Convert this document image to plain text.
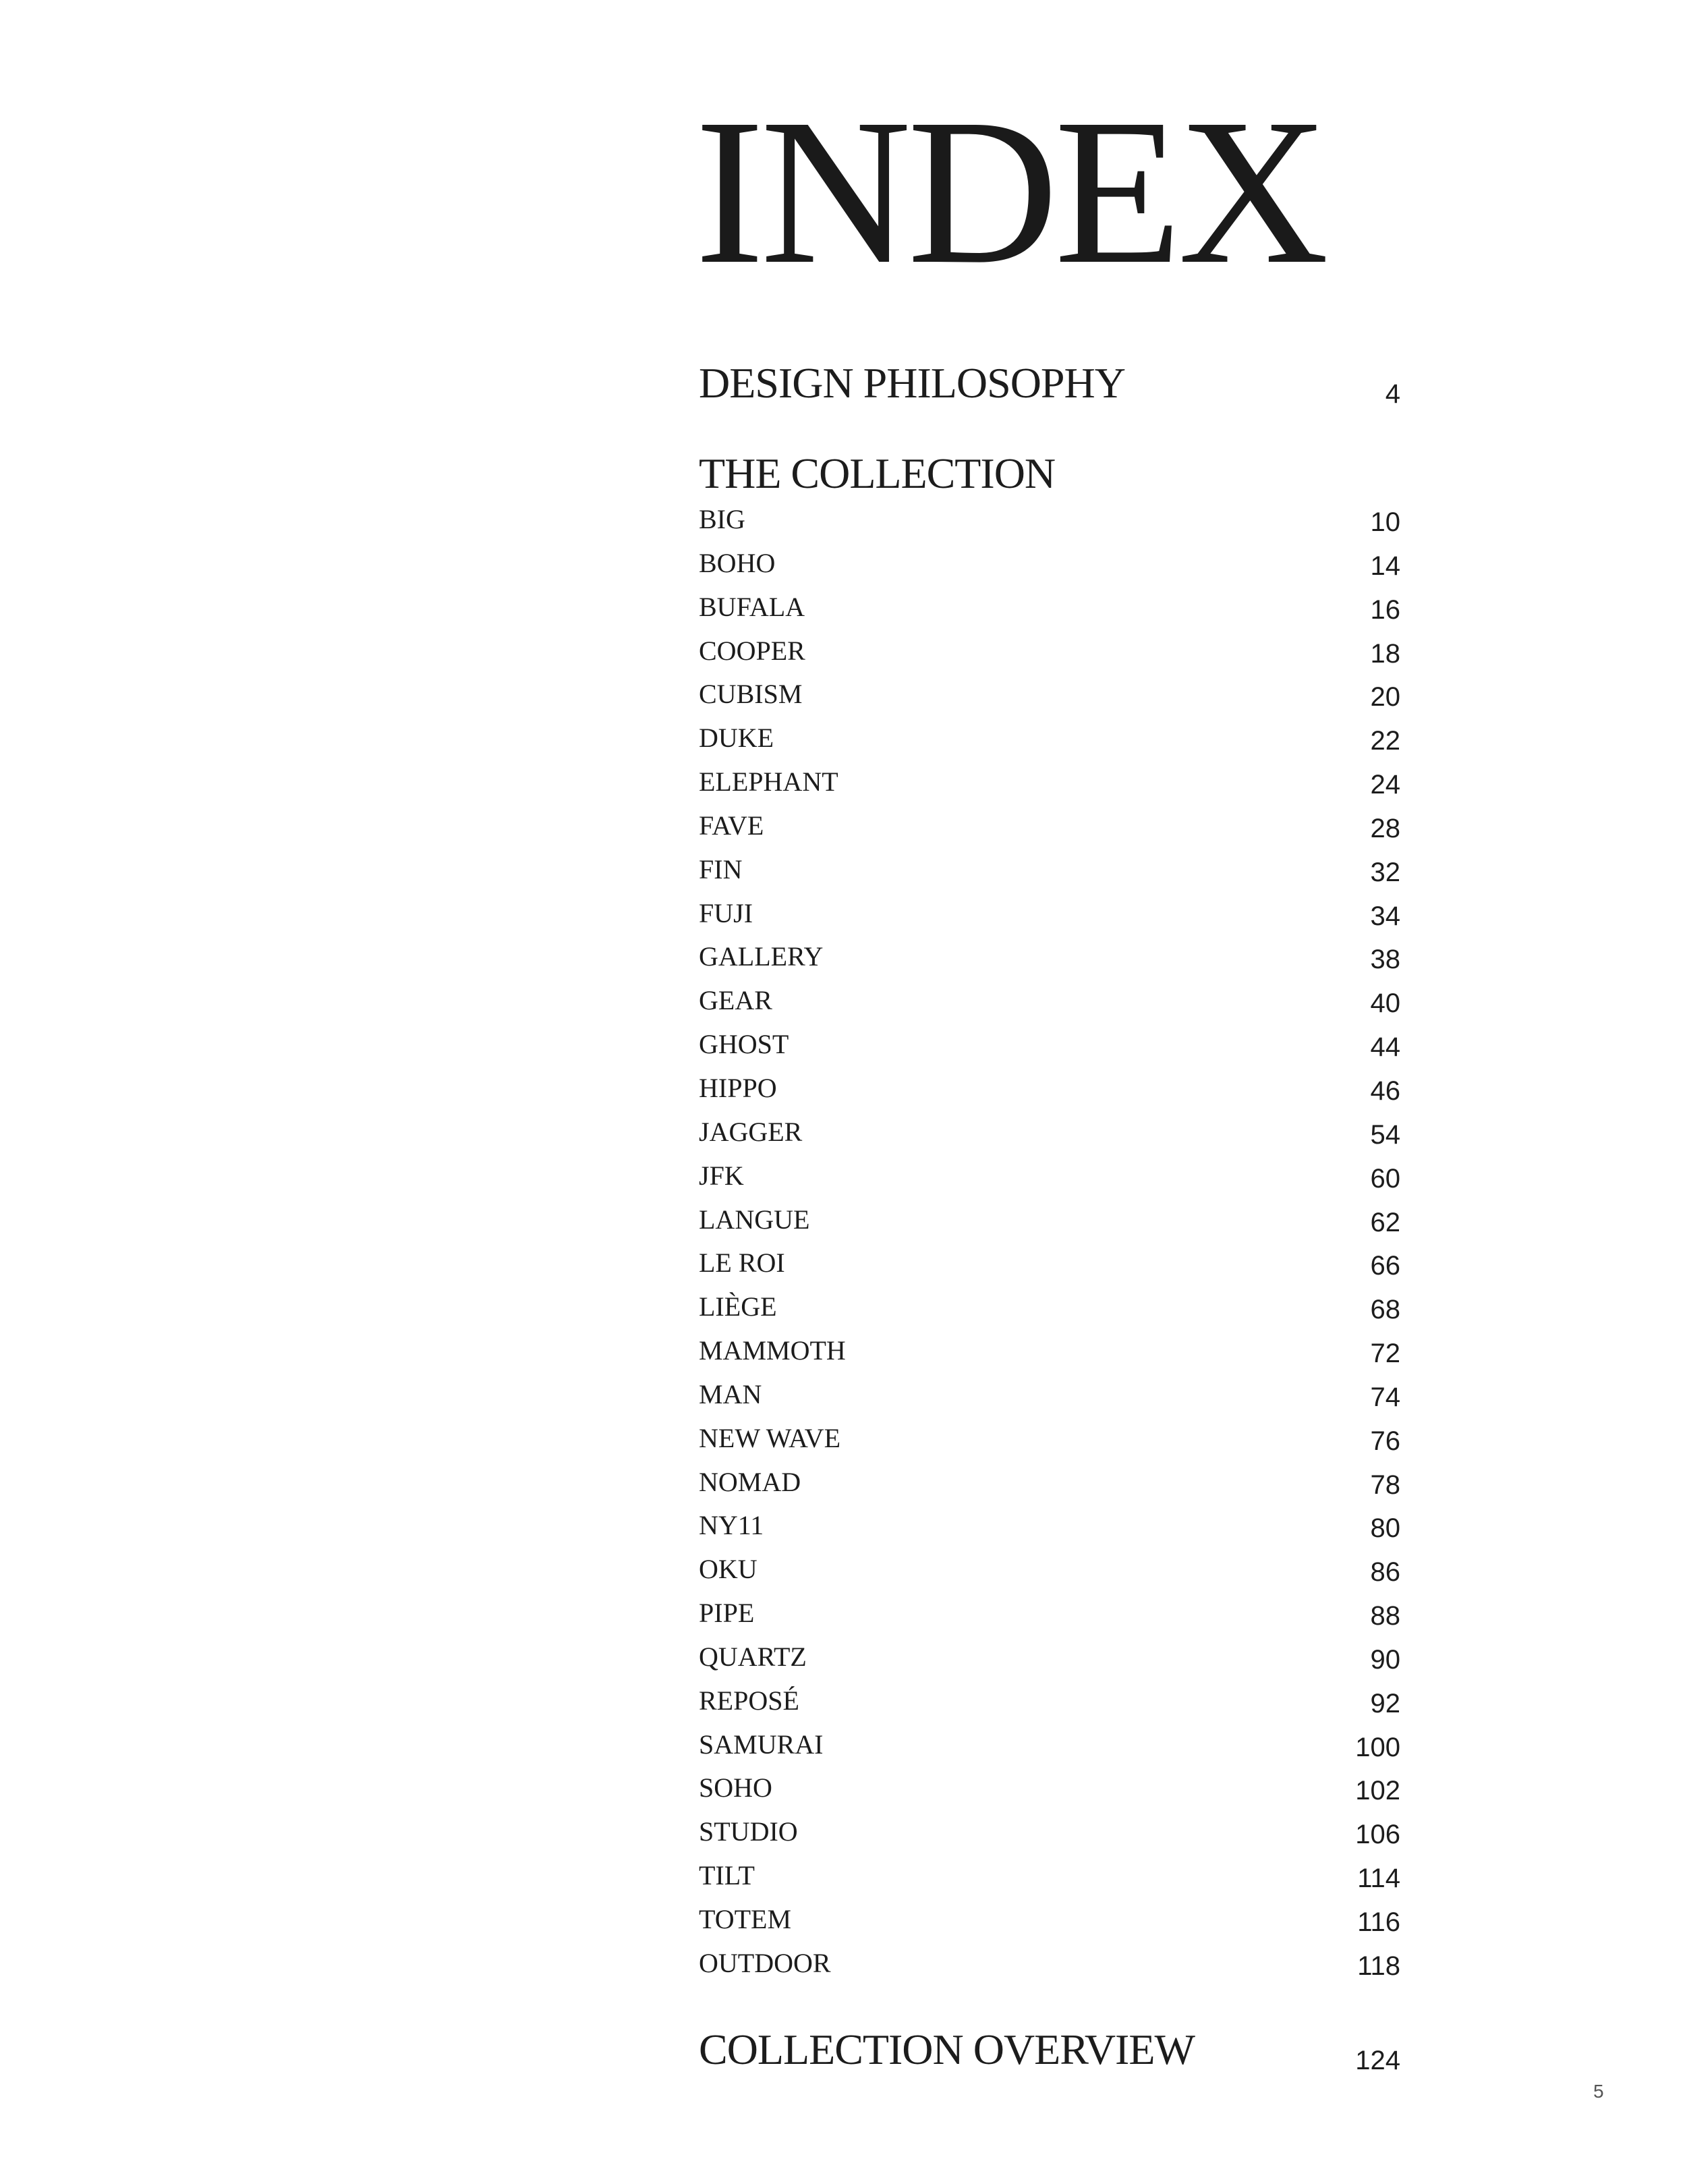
INDEX
DESIGN PHILOSOPHY	4
THE COLLECTION
BIG	10
BOHO	14
BUFALA	16
COOPER	18
CUBISM	20
DUKE	22
ELEPHANT	24
FAVE	28
FIN	32
FUJI	34
GALLERY	38
GEAR	40
GHOST	44
HIPPO	46
JAGGER	54
JFK	60
LANGUE	62
LE ROI	66
LIÈGE	68
MAMMOTH	72
MAN	74
NEW WAVE	76
NOMAD	78
NY11	80
OKU	86
PIPE	88
QUARTZ	90
REPOSÉ	92
SAMURAI	100
SOHO	102
STUDIO	106
TILT	114
TOTEM	116
OUTDOOR	118
COLLECTION OVERVIEW	124
5
